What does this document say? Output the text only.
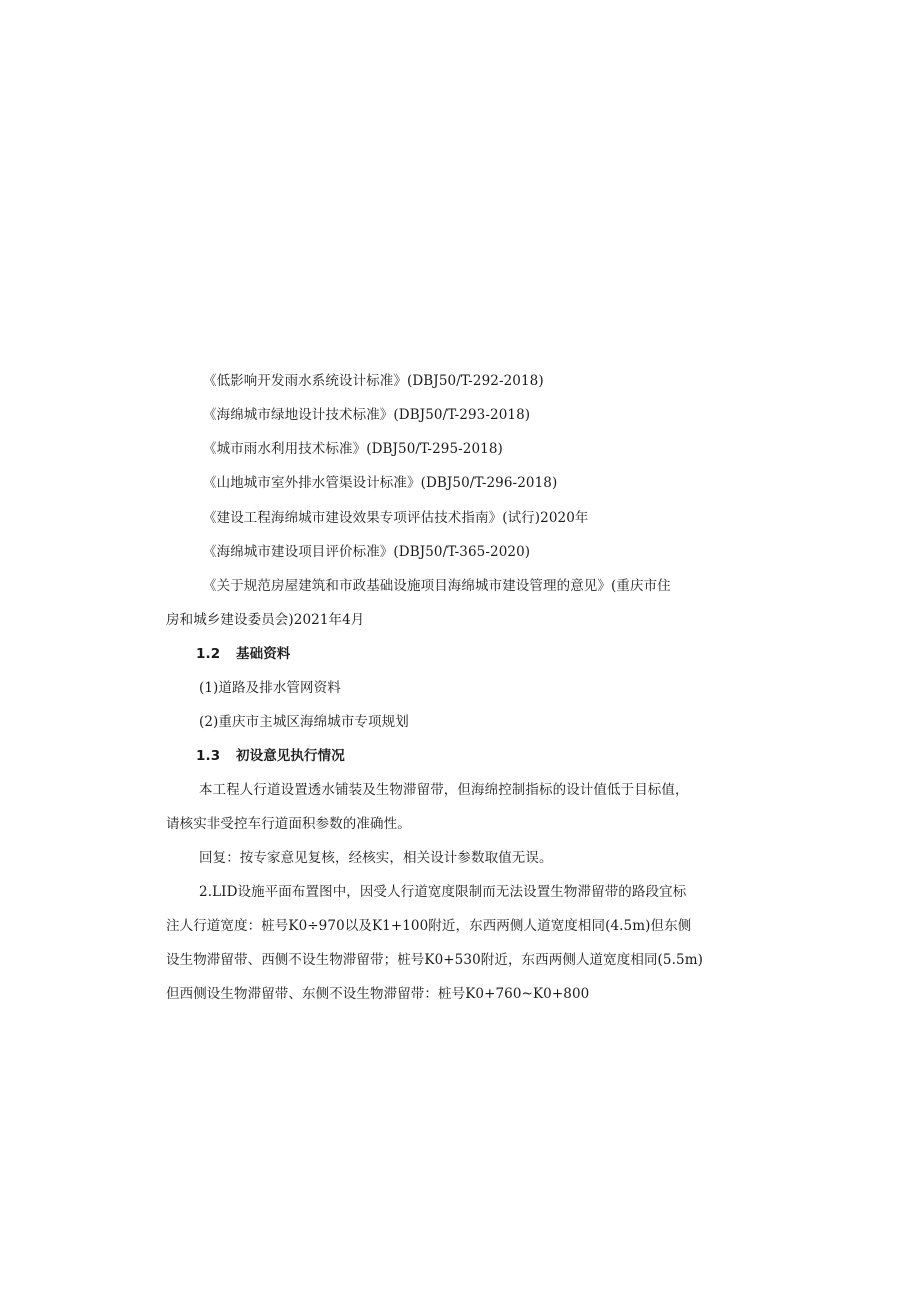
《低影响开发雨水系统设计标准》(DBJ50/T-292-2018)
《海绵城市绿地设计技术标准》(DBJ50/T-293-2018)
《城市雨水利用技术标准》(DBJ50/T-295-2018)
《山地城市室外排水管渠设计标准》(DBJ50/T-296-2018)
《建设工程海绵城市建设效果专项评估技术指南》(试行)2020年
《海绵城市建设项目评价标准》(DBJ50/T-365-2020)
《关于规范房屋建筑和市政基础设施项目海绵城市建设管理的意见》(重庆市住
房和城乡建设委员会)2021年4月
1.2 基础资料
(1)道路及排水管网资料
(2)重庆市主城区海绵城市专项规划
1.3 初设意见执行情况
本工程人行道设置透水铺装及生物滞留带，但海绵控制指标的设计值低于目标值，
请核实非受控车行道面积参数的准确性。
回复：按专家意见复核，经核实，相关设计参数取值无误。
2.LID设施平面布置图中，因受人行道宽度限制而无法设置生物滞留带的路段宜标
注人行道宽度：桩号K0÷970以及K1+100附近，东西两侧人道宽度相同(4.5m)但东侧
设生物滞留带、西侧不设生物滞留带；桩号K0+530附近，东西两侧人道宽度相同(5.5m)
但西侧设生物滞留带、东侧不设生物滞留带：桩号K0+760~K0+800
